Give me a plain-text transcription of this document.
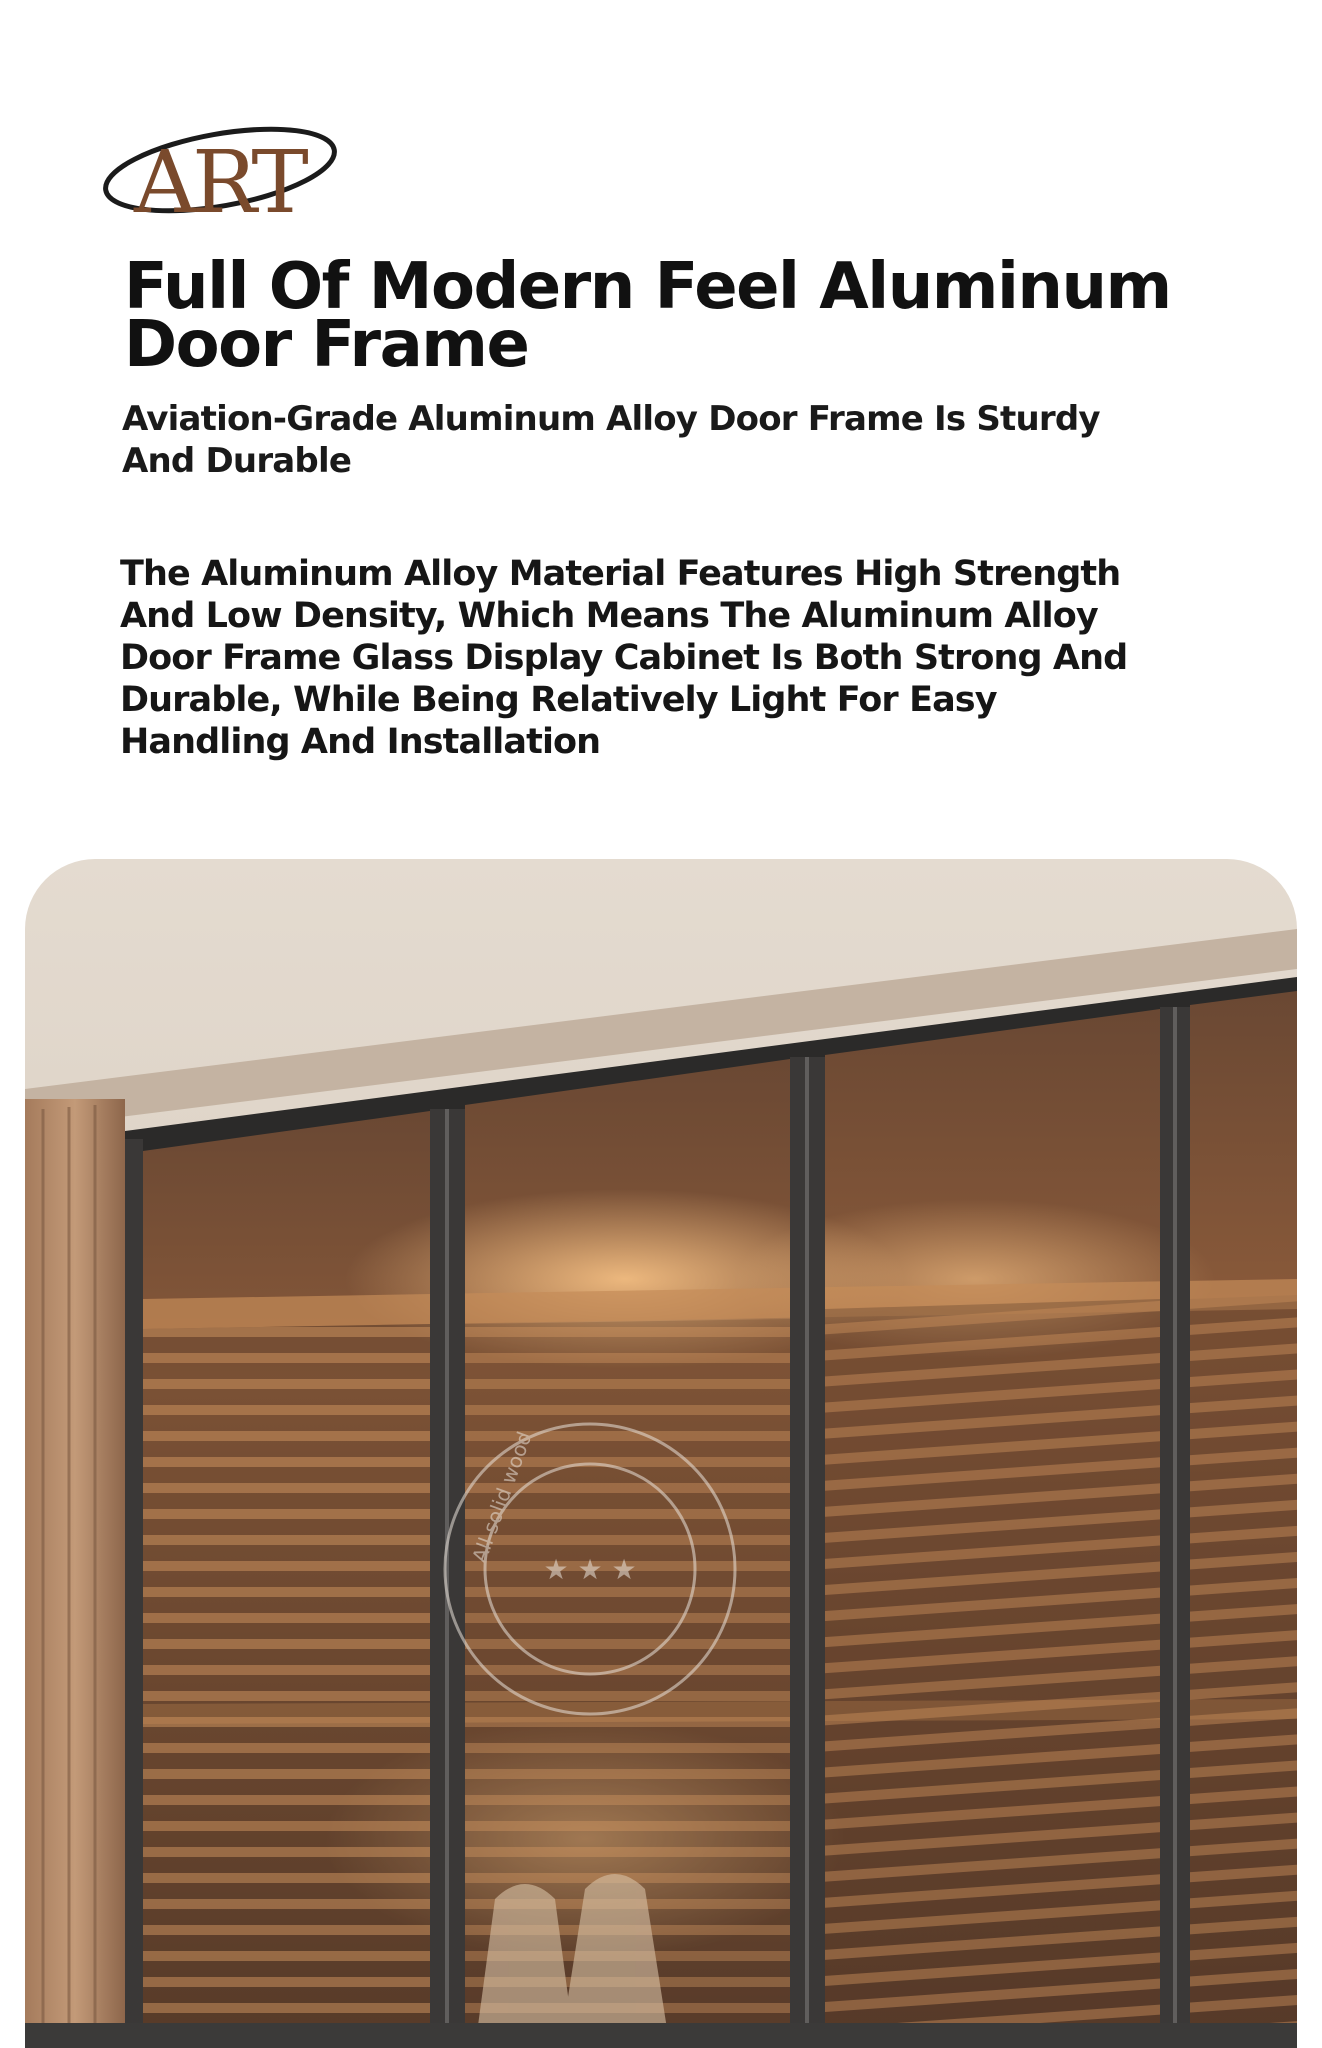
ART
Full Of Modern Feel Aluminum Door Frame
Aviation-Grade Aluminum Alloy Door Frame Is Sturdy And Durable

The Aluminum Alloy Material Features High Strength And Low Density, Which Means The Aluminum Alloy Door Frame Glass Display Cabinet Is Both Strong And Durable, While Being Relatively Light For Easy Handling And Installation

All solid wood
★ ★ ★
